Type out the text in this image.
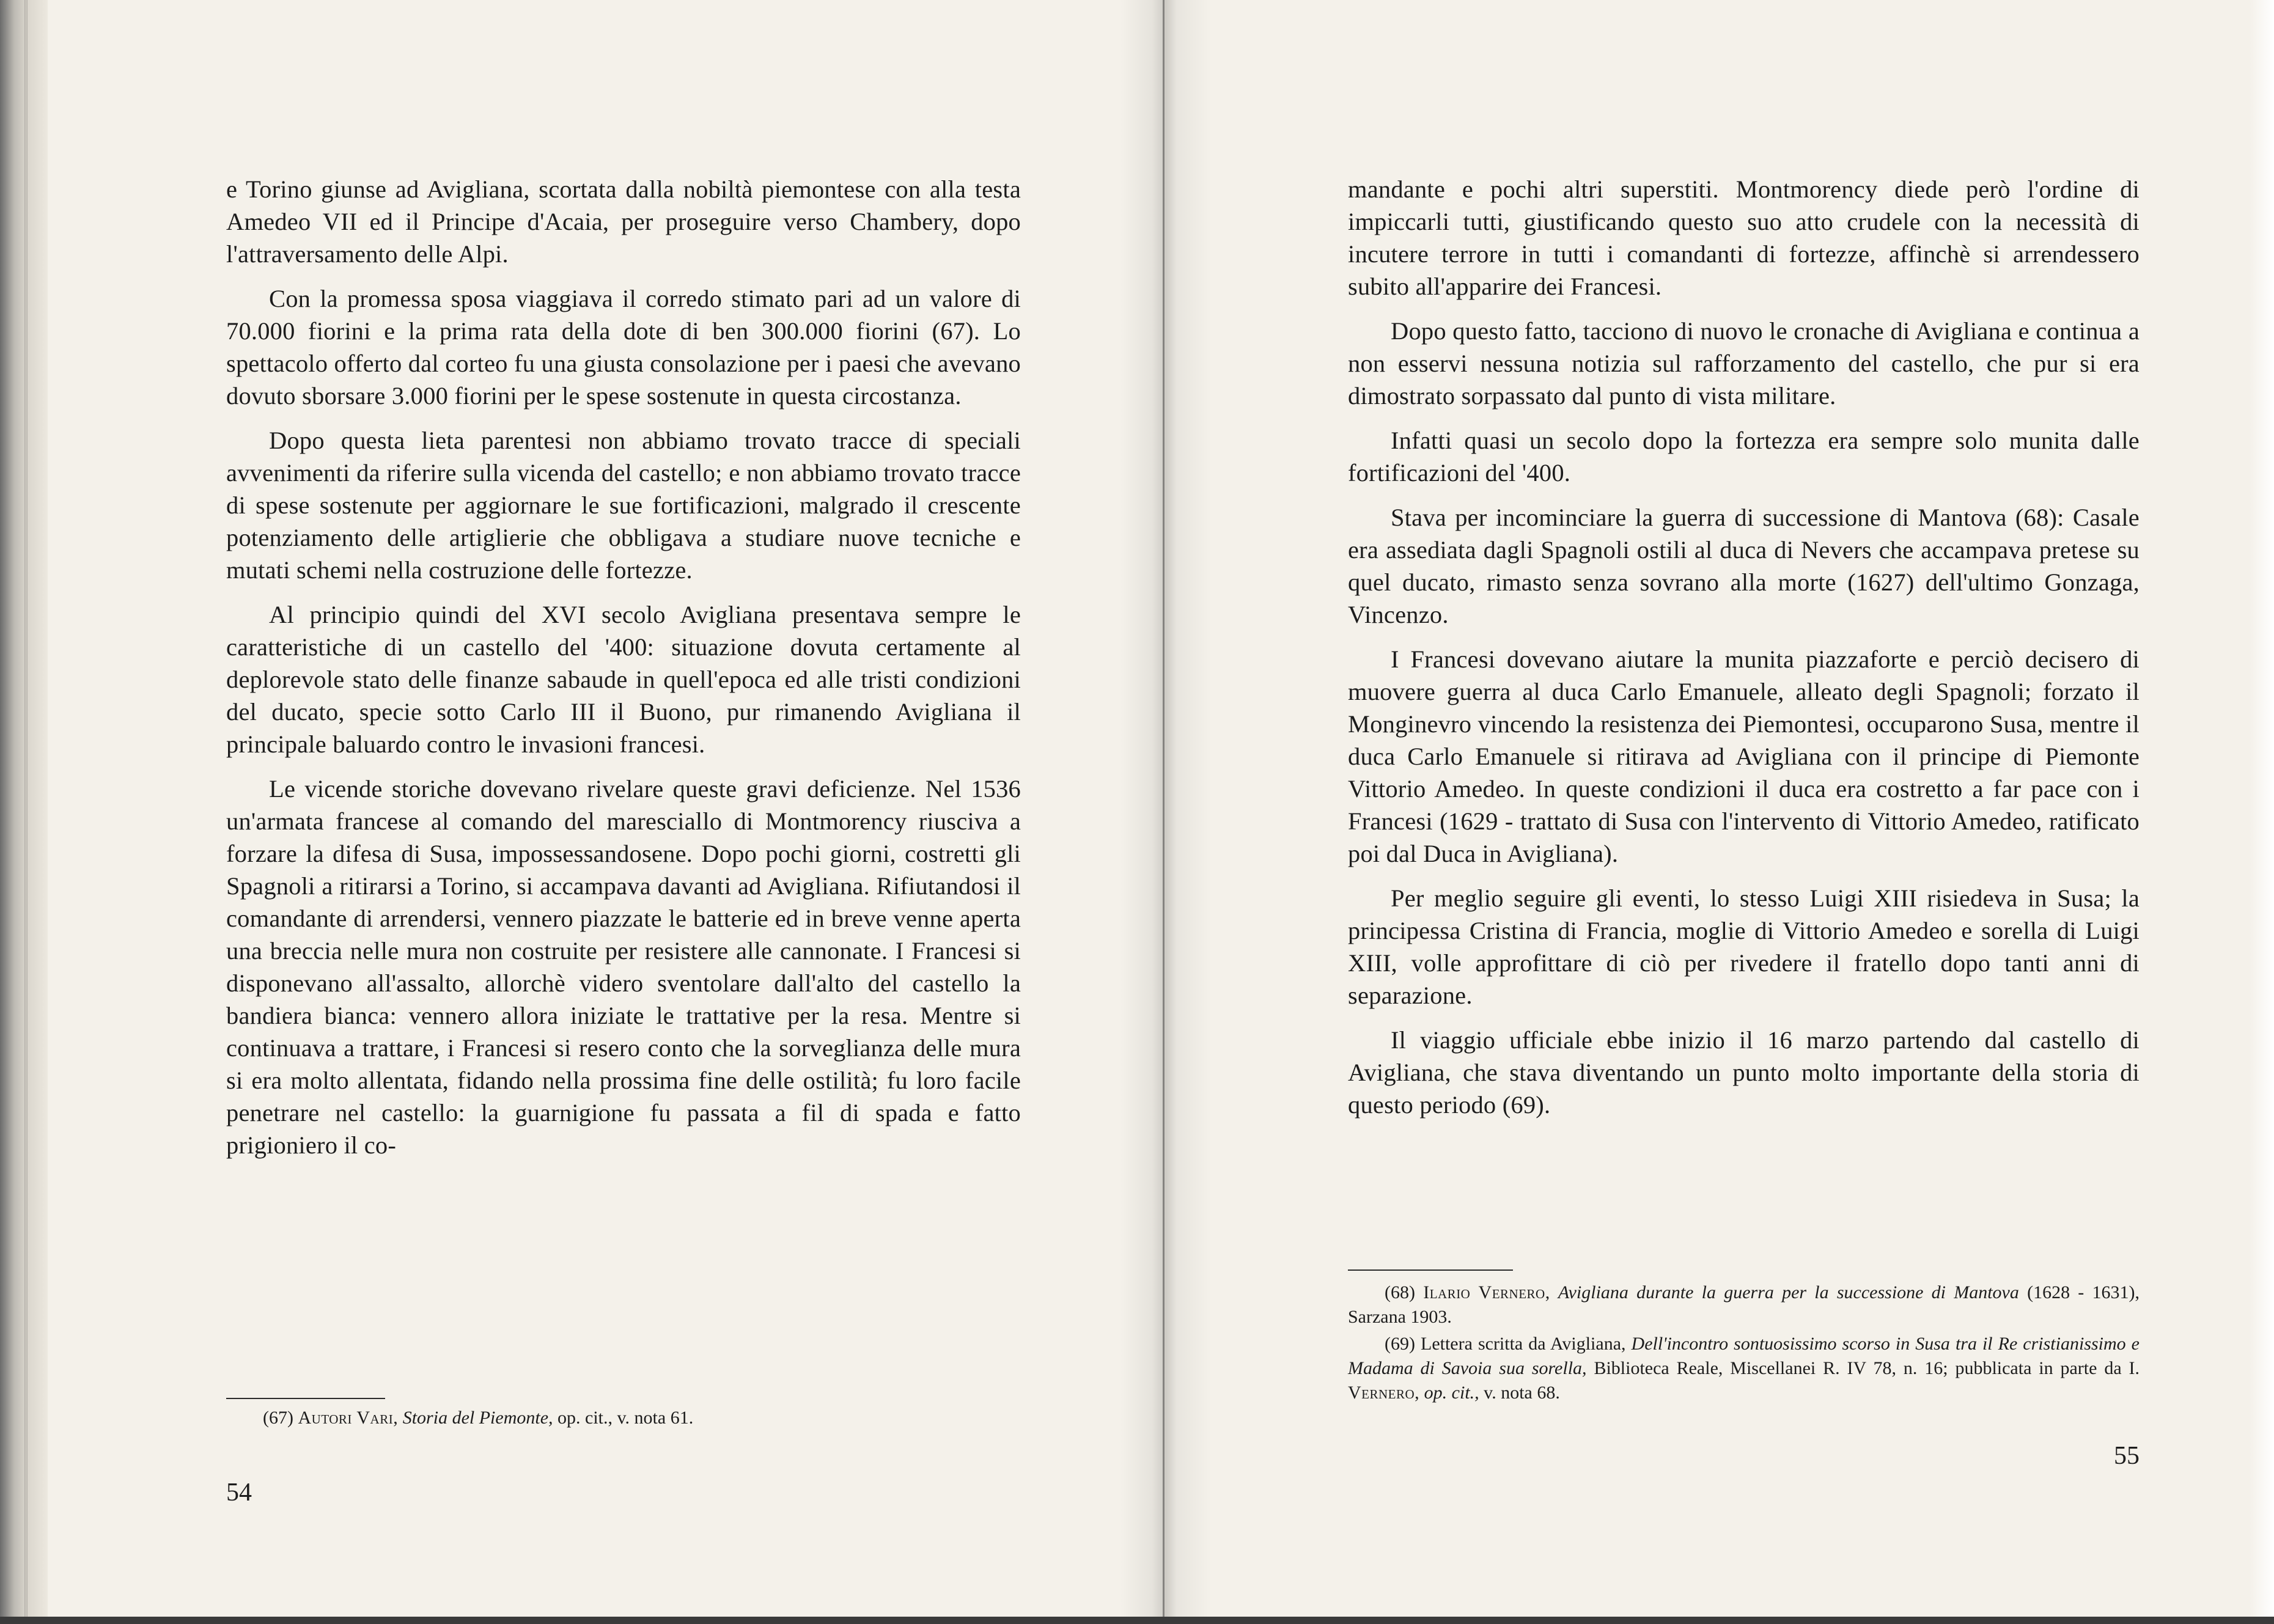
e Torino giunse ad Avigliana, scortata dalla nobiltà piemontese con alla testa Amedeo VII ed il Principe d'Acaia, per proseguire verso Chambery, dopo l'attraversamento delle Alpi.

Con la promessa sposa viaggiava il corredo stimato pari ad un valore di 70.000 fiorini e la prima rata della dote di ben 300.000 fiorini (67). Lo spettacolo offerto dal corteo fu una giusta consolazione per i paesi che avevano dovuto sborsare 3.000 fiorini per le spese sostenute in questa circostanza.

Dopo questa lieta parentesi non abbiamo trovato tracce di speciali avvenimenti da riferire sulla vicenda del castello; e non abbiamo trovato tracce di spese sostenute per aggiornare le sue fortificazioni, malgrado il crescente potenziamento delle artiglierie che obbligava a studiare nuove tecniche e mutati schemi nella costruzione delle fortezze.

Al principio quindi del XVI secolo Avigliana presentava sempre le caratteristiche di un castello del '400: situazione dovuta certamente al deplorevole stato delle finanze sabaude in quell'epoca ed alle tristi condizioni del ducato, specie sotto Carlo III il Buono, pur rimanendo Avigliana il principale baluardo contro le invasioni francesi.

Le vicende storiche dovevano rivelare queste gravi deficienze. Nel 1536 un'armata francese al comando del maresciallo di Montmorency riusciva a forzare la difesa di Susa, impossessandosene. Dopo pochi giorni, costretti gli Spagnoli a ritirarsi a Torino, si accampava davanti ad Avigliana. Rifiutandosi il comandante di arrendersi, vennero piazzate le batterie ed in breve venne aperta una breccia nelle mura non costruite per resistere alle cannonate. I Francesi si disponevano all'assalto, allorchè videro sventolare dall'alto del castello la bandiera bianca: vennero allora iniziate le trattative per la resa. Mentre si continuava a trattare, i Francesi si resero conto che la sorveglianza delle mura si era molto allentata, fidando nella prossima fine delle ostilità; fu loro facile penetrare nel castello: la guarnigione fu passata a fil di spada e fatto prigioniero il co-

(67) Autori Vari, Storia del Piemonte, op. cit., v. nota 61.

54

mandante e pochi altri superstiti. Montmorency diede però l'ordine di impiccarli tutti, giustificando questo suo atto crudele con la necessità di incutere terrore in tutti i comandanti di fortezze, affinchè si arrendessero subito all'apparire dei Francesi.

Dopo questo fatto, tacciono di nuovo le cronache di Avigliana e continua a non esservi nessuna notizia sul rafforzamento del castello, che pur si era dimostrato sorpassato dal punto di vista militare.

Infatti quasi un secolo dopo la fortezza era sempre solo munita dalle fortificazioni del '400.

Stava per incominciare la guerra di successione di Mantova (68): Casale era assediata dagli Spagnoli ostili al duca di Nevers che accampava pretese su quel ducato, rimasto senza sovrano alla morte (1627) dell'ultimo Gonzaga, Vincenzo.

I Francesi dovevano aiutare la munita piazzaforte e perciò decisero di muovere guerra al duca Carlo Emanuele, alleato degli Spagnoli; forzato il Monginevro vincendo la resistenza dei Piemontesi, occuparono Susa, mentre il duca Carlo Emanuele si ritirava ad Avigliana con il principe di Piemonte Vittorio Amedeo. In queste condizioni il duca era costretto a far pace con i Francesi (1629 - trattato di Susa con l'intervento di Vittorio Amedeo, ratificato poi dal Duca in Avigliana).

Per meglio seguire gli eventi, lo stesso Luigi XIII risiedeva in Susa; la principessa Cristina di Francia, moglie di Vittorio Amedeo e sorella di Luigi XIII, volle approfittare di ciò per rivedere il fratello dopo tanti anni di separazione.

Il viaggio ufficiale ebbe inizio il 16 marzo partendo dal castello di Avigliana, che stava diventando un punto molto importante della storia di questo periodo (69).

(68) Ilario Vernero, Avigliana durante la guerra per la successione di Mantova (1628 - 1631), Sarzana 1903.

(69) Lettera scritta da Avigliana, Dell'incontro sontuosissimo scorso in Susa tra il Re cristianissimo e Madama di Savoia sua sorella, Biblioteca Reale, Miscellanei R. IV 78, n. 16; pubblicata in parte da I. Vernero, op. cit., v. nota 68.

55
